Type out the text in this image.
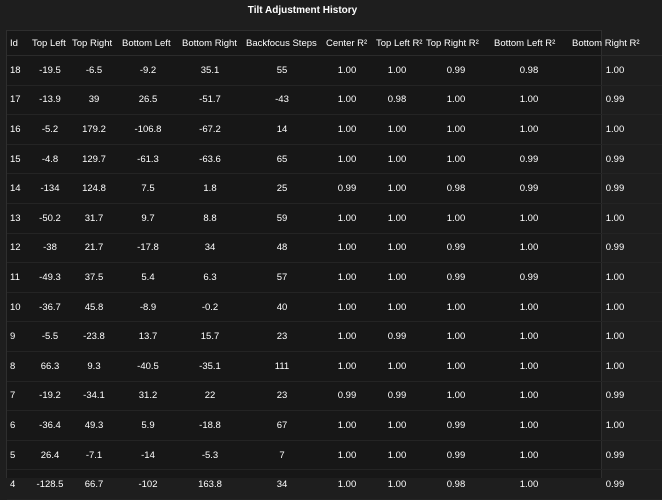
Tilt Adjustment History
Id	Top Left	Top Right	Bottom Left	Bottom Right	Backfocus Steps	Center R²	Top Left R²	Top Right R²	Bottom Left R²	Bottom Right R²
18	-19.5	-6.5	-9.2	35.1	55	1.00	1.00	0.99	0.98	1.00
17	-13.9	39	26.5	-51.7	-43	1.00	0.98	1.00	1.00	0.99
16	-5.2	179.2	-106.8	-67.2	14	1.00	1.00	1.00	1.00	1.00
15	-4.8	129.7	-61.3	-63.6	65	1.00	1.00	1.00	0.99	0.99
14	-134	124.8	7.5	1.8	25	0.99	1.00	0.98	0.99	0.99
13	-50.2	31.7	9.7	8.8	59	1.00	1.00	1.00	1.00	1.00
12	-38	21.7	-17.8	34	48	1.00	1.00	0.99	1.00	0.99
11	-49.3	37.5	5.4	6.3	57	1.00	1.00	0.99	0.99	1.00
10	-36.7	45.8	-8.9	-0.2	40	1.00	1.00	1.00	1.00	1.00
9	-5.5	-23.8	13.7	15.7	23	1.00	0.99	1.00	1.00	1.00
8	66.3	9.3	-40.5	-35.1	111	1.00	1.00	1.00	1.00	1.00
7	-19.2	-34.1	31.2	22	23	0.99	0.99	1.00	1.00	0.99
6	-36.4	49.3	5.9	-18.8	67	1.00	1.00	0.99	1.00	1.00
5	26.4	-7.1	-14	-5.3	7	1.00	1.00	0.99	1.00	0.99
4	-128.5	66.7	-102	163.8	34	1.00	1.00	0.98	1.00	0.99
